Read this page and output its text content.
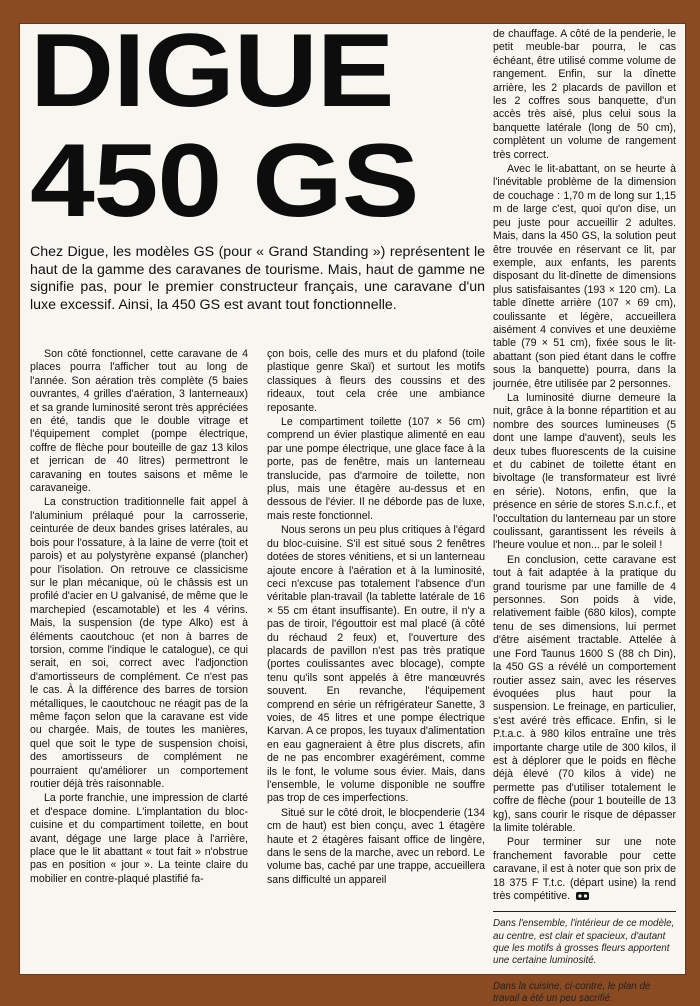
DIGUE
450 GS
Chez Digue, les modèles GS (pour « Grand Standing ») représentent le haut de la gamme des caravanes de tourisme. Mais, haut de gamme ne signifie pas, pour le premier constructeur français, une caravane d'un luxe excessif. Ainsi, la 450 GS est avant tout fonctionnelle.

Son côté fonctionnel, cette caravane de 4 places pourra l'afficher tout au long de l'année. Son aération très complète (5 baies ouvrantes, 4 grilles d'aération, 3 lanterneaux) et sa grande luminosité seront très appréciées en été, tandis que le double vitrage et l'équipement complet (pompe électrique, coffre de flèche pour bouteille de gaz 13 kilos et jerrican de 40 litres) permettront le caravaning en toutes saisons et même le caravaneige.

La construction traditionnelle fait appel à l'aluminium prélaqué pour la carrosserie, ceinturée de deux bandes grises latérales, au bois pour l'ossature, à la laine de verre (toit et parois) et au polystyrène expansé (plancher) pour l'isolation. On retrouve ce classicisme sur le plan mécanique, où le châssis est un profilé d'acier en U galvanisé, de même que le marchepied (escamotable) et les 4 vérins. Mais, la suspension (de type Alko) est à éléments caoutchouc (et non à barres de torsion, comme l'indique le catalogue), ce qui serait, en soi, correct avec l'adjonction d'amortisseurs de complément. Ce n'est pas le cas. À la différence des barres de torsion métalliques, le caoutchouc ne réagit pas de la même façon selon que la caravane est vide ou chargée. Mais, de toutes les manières, quel que soit le type de suspension choisi, des amortisseurs de complément ne pourraient qu'améliorer un comportement routier déjà très raisonnable.

La porte franchie, une impression de clarté et d'espace domine. L'implantation du bloc-cuisine et du compartiment toilette, en bout avant, dégage une large place à l'arrière, place que le lit abattant « tout fait » n'obstrue pas en position « jour ». La teinte claire du mobilier en contre-plaqué plastifié fa-

çon bois, celle des murs et du plafond (toile plastique genre Skaï) et surtout les motifs classiques à fleurs des coussins et des rideaux, tout cela crée une ambiance reposante.

Le compartiment toilette (107 × 56 cm) comprend un évier plastique alimenté en eau par une pompe électrique, une glace face à la porte, pas de fenêtre, mais un lanterneau translucide, pas d'armoire de toilette, non plus, mais une étagère au-dessus et en dessous de l'évier. Il ne déborde pas de luxe, mais reste fonctionnel.

Nous serons un peu plus critiques à l'égard du bloc-cuisine. S'il est situé sous 2 fenêtres dotées de stores vénitiens, et si un lanterneau ajoute encore à l'aération et à la luminosité, ceci n'excuse pas totalement l'absence d'un véritable plan-travail (la tablette latérale de 16 × 55 cm étant insuffisante). En outre, il n'y a pas de tiroir, l'égouttoir est mal placé (à côté du réchaud 2 feux) et, l'ouverture des placards de pavillon n'est pas très pratique (portes coulissantes avec blocage), compte tenu qu'ils sont appelés à être manœuvrés souvent. En revanche, l'équipement comprend en série un réfrigérateur Sanette, 3 voies, de 45 litres et une pompe électrique Karvan. A ce propos, les tuyaux d'alimentation en eau gagneraient à être plus discrets, afin de ne pas encombrer exagérément, comme ils le font, le volume sous évier. Mais, dans l'ensemble, le volume disponible ne souffre pas trop de ces imperfections.

Situé sur le côté droit, le blocpenderie (134 cm de haut) est bien conçu, avec 1 étagère haute et 2 étagères faisant office de lingère, dans le sens de la marche, avec un rebord. Le volume bas, caché par une trappe, accueillera sans difficulté un appareil

de chauffage. A côté de la penderie, le petit meuble-bar pourra, le cas échéant, être utilisé comme volume de rangement. Enfin, sur la dînette arrière, les 2 placards de pavillon et les 2 coffres sous banquette, d'un accès très aisé, plus celui sous la banquette latérale (long de 50 cm), complètent un volume de rangement très correct.

Avec le lit-abattant, on se heurte à l'inévitable problème de la dimension de couchage : 1,70 m de long sur 1,15 m de large c'est, quoi qu'on dise, un peu juste pour accueillir 2 adultes. Mais, dans la 450 GS, la solution peut être trouvée en réservant ce lit, par exemple, aux enfants, les parents disposant du lit-dînette de dimensions plus satisfaisantes (193 × 120 cm). La table dînette arrière (107 × 69 cm), coulissante et légère, accueillera aisément 4 convives et une deuxième table (79 × 51 cm), fixée sous le lit-abattant (son pied étant dans le coffre sous la banquette) pourra, dans la journée, être utilisée par 2 personnes.

La luminosité diurne demeure la nuit, grâce à la bonne répartition et au nombre des sources lumineuses (5 dont une lampe d'auvent), seuls les deux tubes fluorescents de la cuisine et du cabinet de toilette étant en bivoltage (le transformateur est livré en série). Notons, enfin, que la présence en série de stores S.n.c.f., et l'occultation du lanterneau par un store coulissant, garantissent les réveils à l'heure voulue et non... par le soleil !

En conclusion, cette caravane est tout à fait adaptée à la pratique du grand tourisme par une famille de 4 personnes. Son poids à vide, relativement faible (680 kilos), compte tenu de ses dimensions, lui permet d'être aisément tractable. Attelée à une Ford Taunus 1600 S (88 ch Din), la 450 GS a révélé un comportement routier assez sain, avec les réserves évoquées plus haut pour la suspension. Le freinage, en particulier, s'est avéré très efficace. Enfin, si le P.t.a.c. à 980 kilos entraîne une très importante charge utile de 300 kilos, il est à déplorer que le poids en flèche déjà élevé (70 kilos à vide) ne permette pas d'utiliser totalement le coffre de flèche (pour 1 bouteille de 13 kg), sans courir le risque de dépasser la limite tolérable.

Pour terminer sur une note franchement favorable pour cette caravane, il est à noter que son prix de 18 375 F T.t.c. (départ usine) la rend très compétitive.

Dans l'ensemble, l'intérieur de ce modèle, au centre, est clair et spacieux, d'autant que les motifs à grosses fleurs apportent une certaine luminosité.
Dans la cuisine, ci-contre, le plan de travail a été un peu sacrifié.
